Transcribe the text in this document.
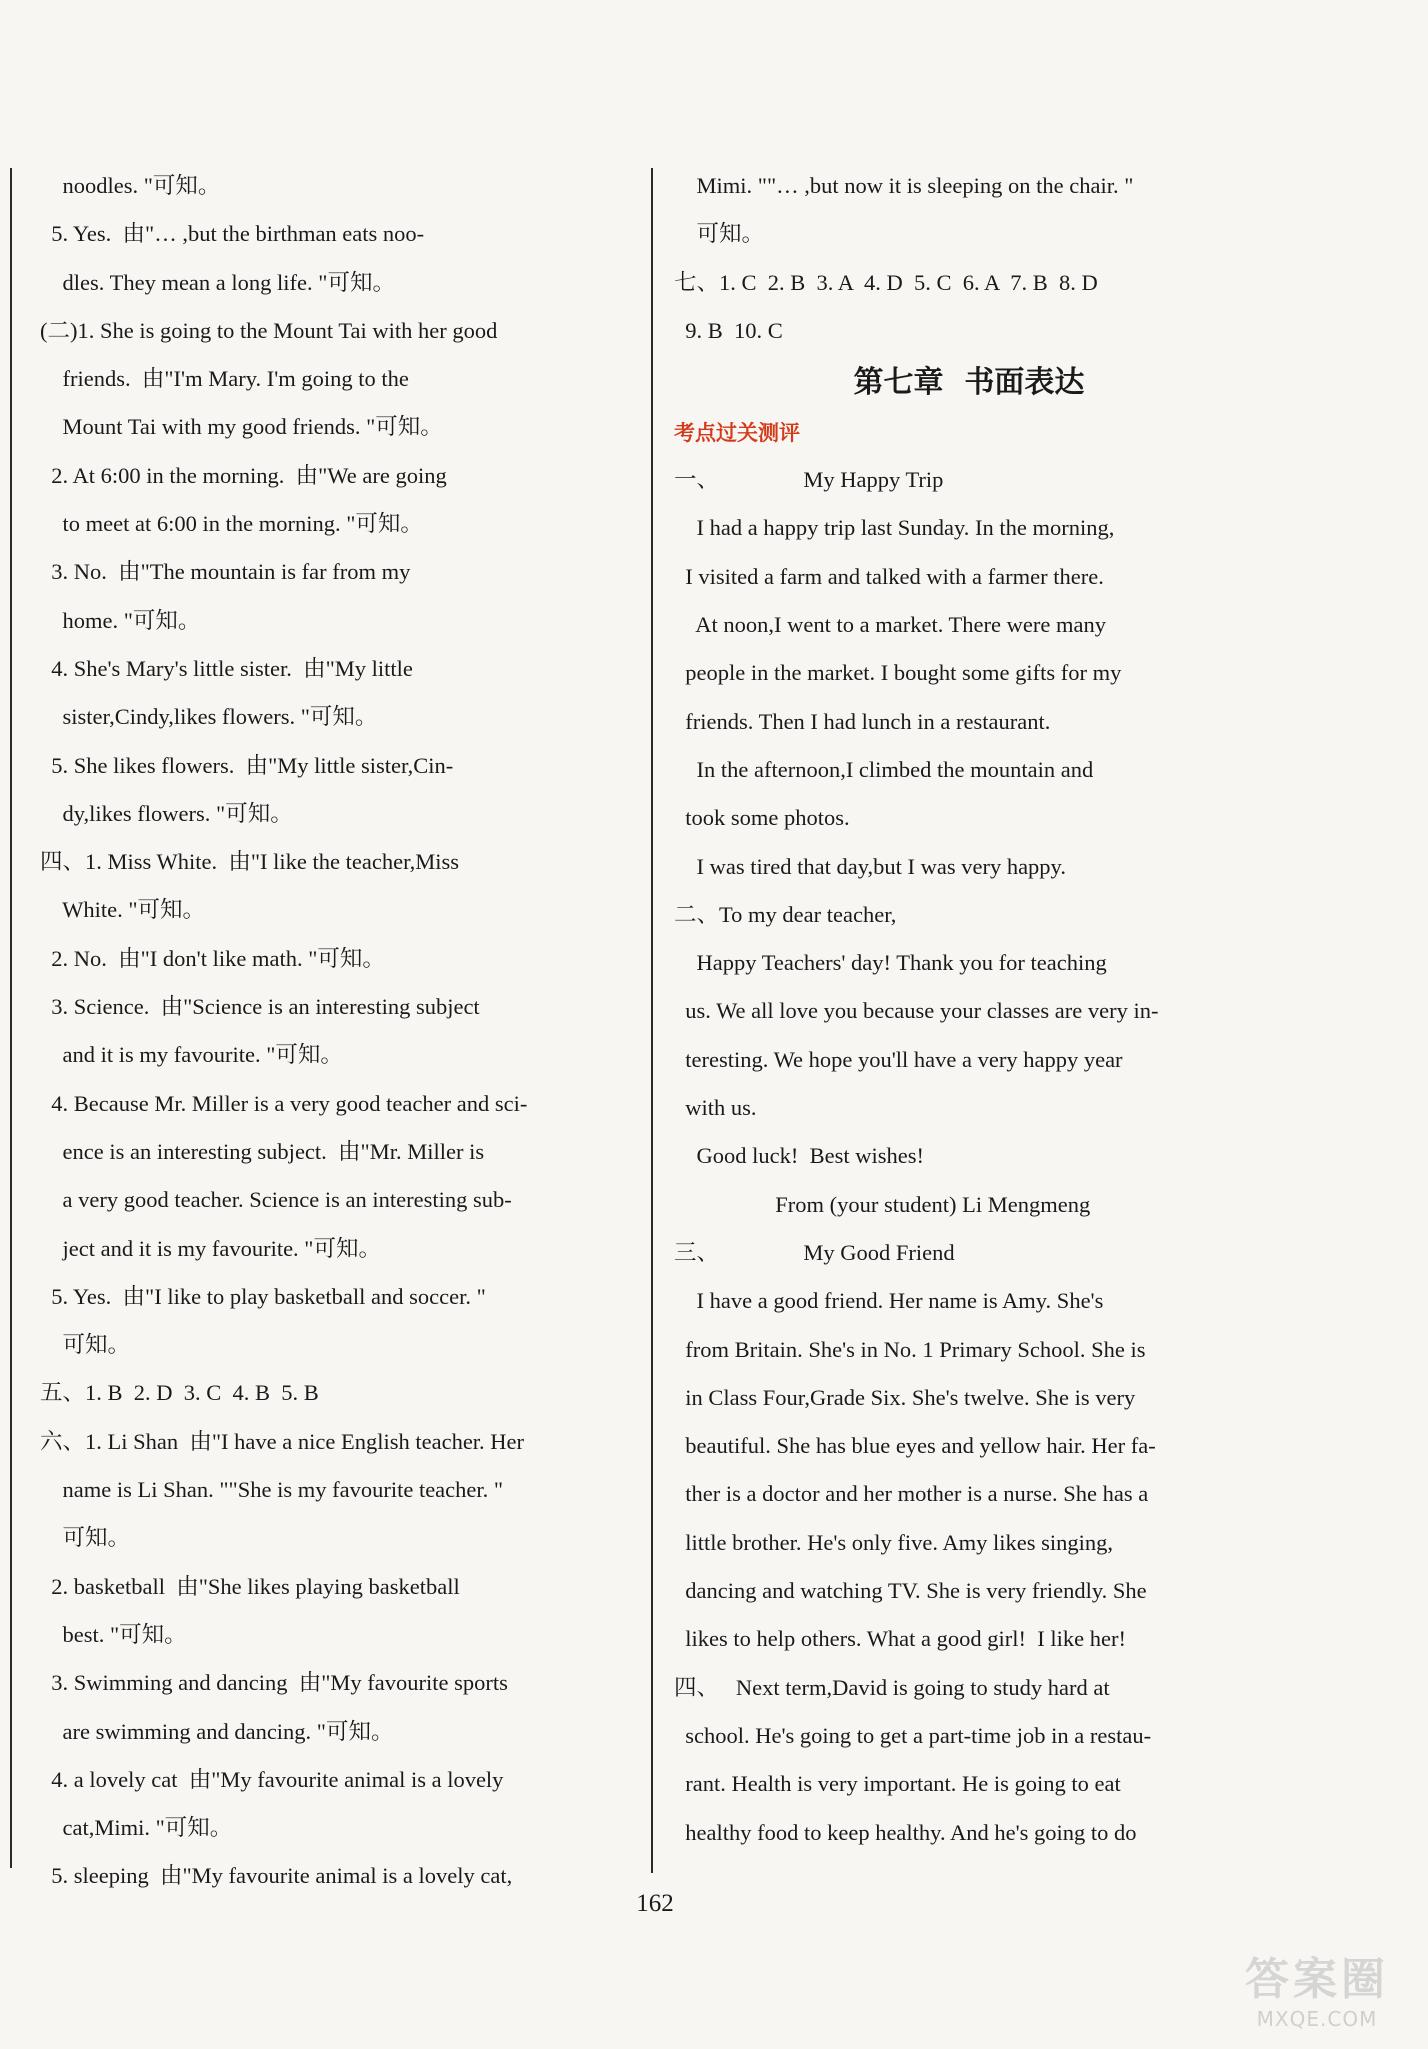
noodles. "可知。
5. Yes.  由"… ,but the birthman eats noo-
dles. They mean a long life. "可知。
(二)1. She is going to the Mount Tai with her good
friends.  由"I'm Mary. I'm going to the
Mount Tai with my good friends. "可知。
2. At 6:00 in the morning.  由"We are going
to meet at 6:00 in the morning. "可知。
3. No.  由"The mountain is far from my
home. "可知。
4. She's Mary's little sister.  由"My little
sister,Cindy,likes flowers. "可知。
5. She likes flowers.  由"My little sister,Cin-
dy,likes flowers. "可知。
四、1. Miss White.  由"I like the teacher,Miss
White. "可知。
2. No.  由"I don't like math. "可知。
3. Science.  由"Science is an interesting subject
and it is my favourite. "可知。
4. Because Mr. Miller is a very good teacher and sci-
ence is an interesting subject.  由"Mr. Miller is
a very good teacher. Science is an interesting sub-
ject and it is my favourite. "可知。
5. Yes.  由"I like to play basketball and soccer. "
可知。
五、1. B  2. D  3. C  4. B  5. B
六、1. Li Shan  由"I have a nice English teacher. Her
name is Li Shan. ""She is my favourite teacher. "
可知。
2. basketball  由"She likes playing basketball
best. "可知。
3. Swimming and dancing  由"My favourite sports
are swimming and dancing. "可知。
4. a lovely cat  由"My favourite animal is a lovely
cat,Mimi. "可知。
5. sleeping  由"My favourite animal is a lovely cat,
Mimi. ""… ,but now it is sleeping on the chair. "
可知。
七、1. C  2. B  3. A  4. D  5. C  6. A  7. B  8. D
9. B  10. C
第七章  书面表达
考点过关测评
一、               My Happy Trip
I had a happy trip last Sunday. In the morning,
I visited a farm and talked with a farmer there.
At noon,I went to a market. There were many
people in the market. I bought some gifts for my
friends. Then I had lunch in a restaurant.
In the afternoon,I climbed the mountain and
took some photos.
I was tired that day,but I was very happy.
二、To my dear teacher,
Happy Teachers' day! Thank you for teaching
us. We all love you because your classes are very in-
teresting. We hope you'll have a very happy year
with us.
Good luck!  Best wishes!
From (your student) Li Mengmeng
三、               My Good Friend
I have a good friend. Her name is Amy. She's
from Britain. She's in No. 1 Primary School. She is
in Class Four,Grade Six. She's twelve. She is very
beautiful. She has blue eyes and yellow hair. Her fa-
ther is a doctor and her mother is a nurse. She has a
little brother. He's only five. Amy likes singing,
dancing and watching TV. She is very friendly. She
likes to help others. What a good girl!  I like her!
四、   Next term,David is going to study hard at
school. He's going to get a part-time job in a restau-
rant. Health is very important. He is going to eat
healthy food to keep healthy. And he's going to do
162
答案圈
MXQE.COM
